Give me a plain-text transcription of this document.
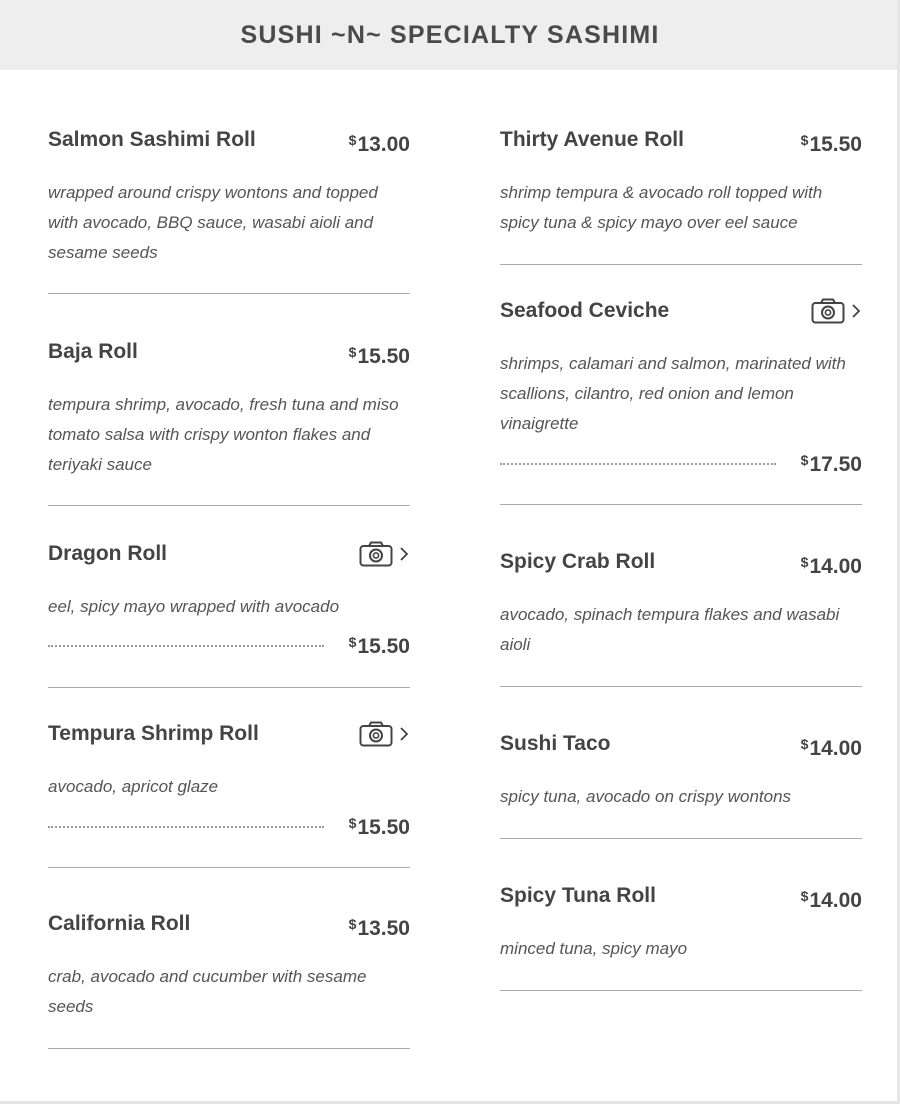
SUSHI ~N~ SPECIALTY SASHIMI
Salmon Sashimi Roll	$13.00

wrapped around crispy wontons and topped with avocado, BBQ sauce, wasabi aioli and sesame seeds

Baja Roll	$15.50

tempura shrimp, avocado, fresh tuna and miso tomato salsa with crispy wonton flakes and teriyaki sauce

Dragon Roll

eel, spicy mayo wrapped with avocado

$15.50
Tempura Shrimp Roll

avocado, apricot glaze

$15.50
California Roll	$13.50

crab, avocado and cucumber with sesame seeds

Thirty Avenue Roll	$15.50

shrimp tempura & avocado roll topped with spicy tuna & spicy mayo over eel sauce

Seafood Ceviche

shrimps, calamari and salmon, marinated with scallions, cilantro, red onion and lemon vinaigrette

$17.50
Spicy Crab Roll	$14.00

avocado, spinach tempura flakes and wasabi aioli

Sushi Taco	$14.00

spicy tuna, avocado on crispy wontons

Spicy Tuna Roll	$14.00

minced tuna, spicy mayo
